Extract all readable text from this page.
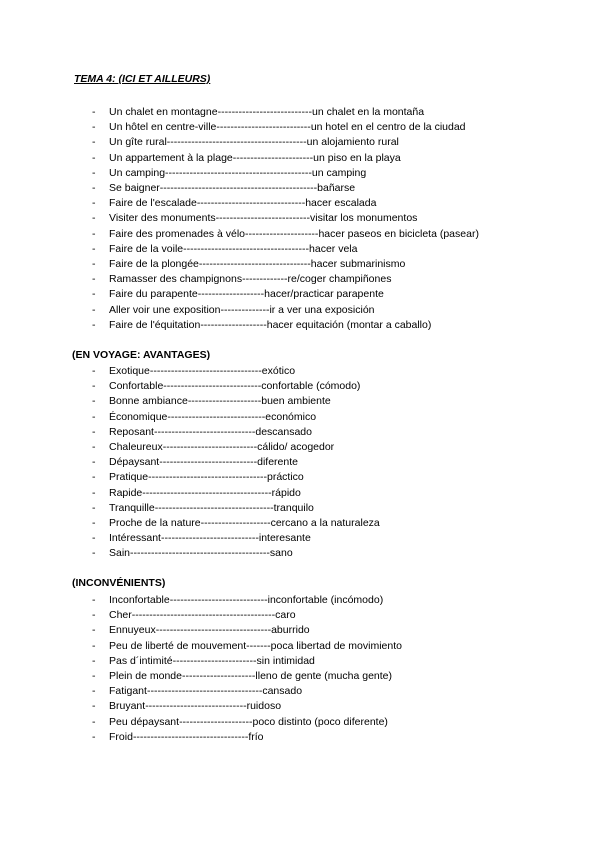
TEMA 4: (ICI ET AILLEURS)
(EN VOYAGE: AVANTAGES)
(INCONVÉNIENTS)
-	Un chalet en montagne---------------------------un chalet en la montaña
-	Un hôtel en centre-ville---------------------------un hotel en el centro de la ciudad
-	Un gîte rural----------------------------------------un alojamiento rural
-	Un appartement à la plage-----------------------un piso en la playa
-	Un camping------------------------------------------un camping
-	Se baigner---------------------------------------------bañarse
-	Faire de l'escalade-------------------------------hacer escalada
-	Visiter des monuments---------------------------visitar los monumentos
-	Faire des promenades à vélo---------------------hacer paseos en bicicleta (pasear)
-	Faire de la voile------------------------------------hacer vela
-	Faire de la plongée--------------------------------hacer submarinismo
-	Ramasser des champignons-------------re/coger champiñones
-	Faire du parapente-------------------hacer/practicar parapente
-	Aller voir une exposition--------------ir a ver una exposición
-	Faire de l'équitation-------------------hacer equitación (montar a caballo)
-	Exotique--------------------------------exótico
-	Confortable----------------------------confortable (cómodo)
-	Bonne ambiance---------------------buen ambiente
-	Économique----------------------------económico
-	Reposant-----------------------------descansado
-	Chaleureux---------------------------cálido/ acogedor
-	Dépaysant----------------------------diferente
-	Pratique----------------------------------práctico
-	Rapide-------------------------------------rápido
-	Tranquille----------------------------------tranquilo
-	Proche de la nature--------------------cercano a la naturaleza
-	Intéressant----------------------------interesante
-	Sain----------------------------------------sano
-	Inconfortable----------------------------inconfortable (incómodo)
-	Cher-----------------------------------------caro
-	Ennuyeux---------------------------------aburrido
-	Peu de liberté de mouvement-------poca libertad de movimiento
-	Pas d´intimité------------------------sin intimidad
-	Plein de monde---------------------lleno de gente (mucha gente)
-	Fatigant---------------------------------cansado
-	Bruyant-----------------------------ruidoso
-	Peu dépaysant---------------------poco distinto (poco diferente)
-	Froid---------------------------------frío
